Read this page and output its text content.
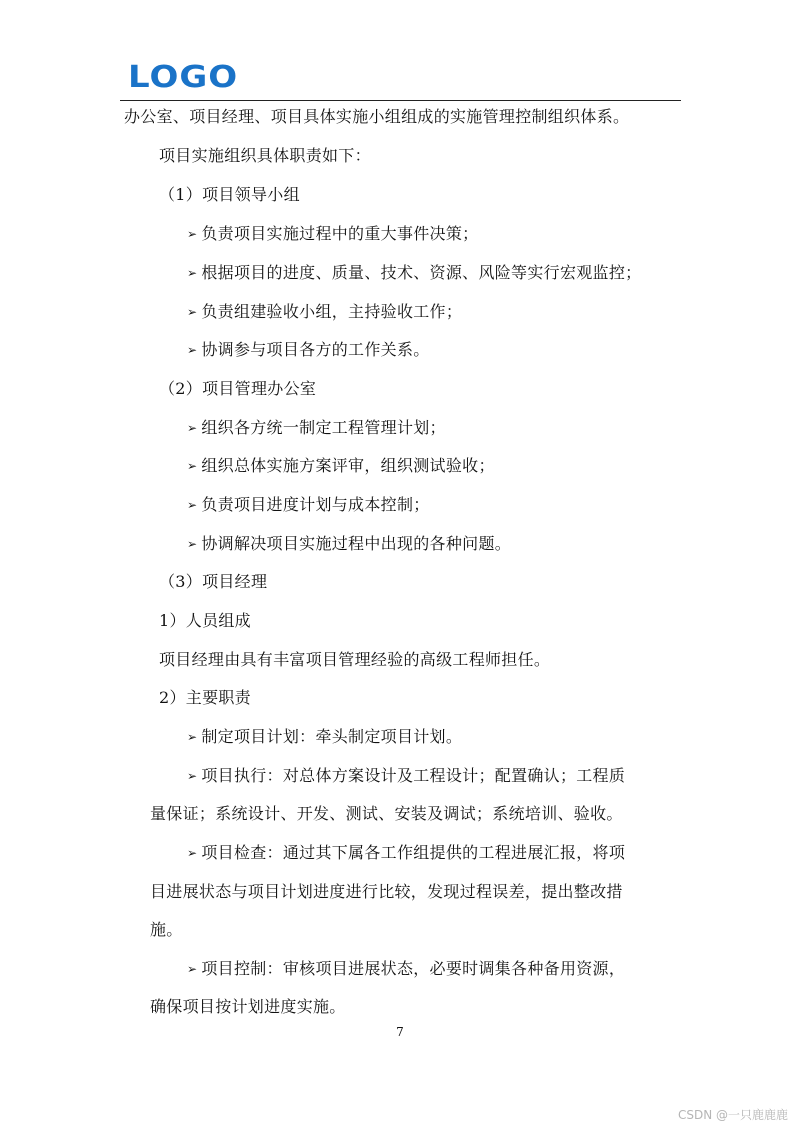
LOGO
办公室、项目经理、项目具体实施小组组成的实施管理控制组织体系。
项目实施组织具体职责如下：
（1）项目领导小组
➢ 负责项目实施过程中的重大事件决策；
➢ 根据项目的进度、质量、技术、资源、风险等实行宏观监控；
➢ 负责组建验收小组，主持验收工作；
➢ 协调参与项目各方的工作关系。
（2）项目管理办公室
➢ 组织各方统一制定工程管理计划；
➢ 组织总体实施方案评审，组织测试验收；
➢ 负责项目进度计划与成本控制；
➢ 协调解决项目实施过程中出现的各种问题。
（3）项目经理
1）人员组成
项目经理由具有丰富项目管理经验的高级工程师担任。
2）主要职责
➢ 制定项目计划：牵头制定项目计划。
➢ 项目执行：对总体方案设计及工程设计；配置确认；工程质
量保证；系统设计、开发、测试、安装及调试；系统培训、验收。
➢ 项目检查：通过其下属各工作组提供的工程进展汇报，将项
目进展状态与项目计划进度进行比较，发现过程误差，提出整改措
施。
➢ 项目控制：审核项目进展状态，必要时调集各种备用资源，
确保项目按计划进度实施。
7
CSDN @一只鹿鹿鹿
